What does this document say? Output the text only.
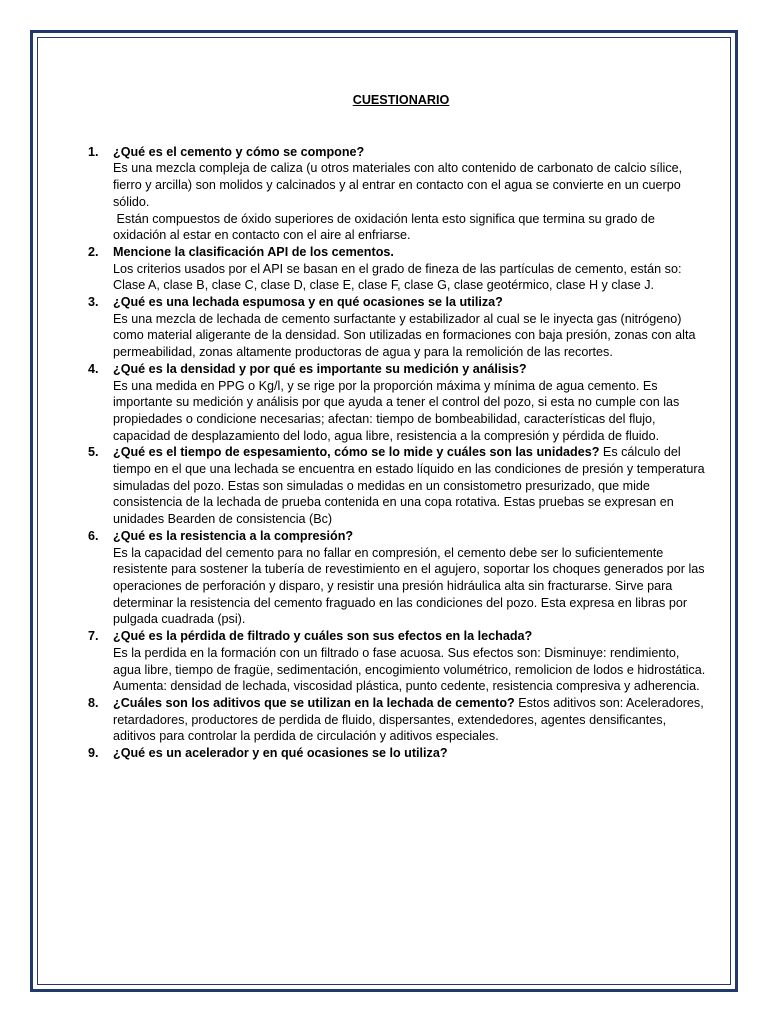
CUESTIONARIO
1.	¿Qué es el cemento y cómo se compone?

Es una mezcla compleja de caliza (u otros materiales con alto contenido de carbonato de calcio sílice, fierro y arcilla) son molidos y calcinados y al entrar en contacto con el agua se convierte en un cuerpo sólido.

Están compuestos de óxido superiores de oxidación lenta esto significa que termina su grado de oxidación al estar en contacto con el aire al enfriarse.

2.	Mencione la clasificación API de los cementos.

Los criterios usados por el API se basan en el grado de fineza de las partículas de cemento, están so:

Clase A, clase B, clase C, clase D, clase E, clase F, clase G, clase geotérmico, clase H y clase J.

3.	¿Qué es una lechada espumosa y en qué ocasiones se la utiliza?

Es una mezcla de lechada de cemento surfactante y estabilizador al cual se le inyecta gas (nitrógeno) como material aligerante de la densidad. Son utilizadas en formaciones con baja presión, zonas con alta permeabilidad, zonas altamente productoras de agua y para la remolición de las recortes.

4.	¿Qué es la densidad y por qué es importante su medición y análisis?

Es una medida en PPG o Kg/l, y se rige por la proporción máxima y mínima de agua cemento. Es importante su medición y análisis por que ayuda a tener el control del pozo, si esta no cumple con las propiedades o condicione necesarias; afectan: tiempo de bombeabilidad, características del flujo, capacidad de desplazamiento del lodo, agua libre, resistencia a la compresión y pérdida de fluido.

5.	¿Qué es el tiempo de espesamiento, cómo se lo mide y cuáles son las unidades? Es cálculo del tiempo en el que una lechada se encuentra en estado líquido en las condiciones de presión y temperatura simuladas del pozo. Estas son simuladas o medidas en un consistometro presurizado, que mide consistencia de la lechada de prueba contenida en una copa rotativa. Estas pruebas se expresan en unidades Bearden de consistencia (Bc)

6.	¿Qué es la resistencia a la compresión?

Es la capacidad del cemento para no fallar en compresión, el cemento debe ser lo suficientemente resistente para sostener la tubería de revestimiento en el agujero, soportar los choques generados por las operaciones de perforación y disparo, y resistir una presión hidráulica alta sin fracturarse. Sirve para determinar la resistencia del cemento fraguado en las condiciones del pozo. Esta expresa en libras por pulgada cuadrada (psi).

7.	¿Qué es la pérdida de filtrado y cuáles son sus efectos en la lechada?

Es la perdida en la formación con un filtrado o fase acuosa. Sus efectos son: Disminuye: rendimiento, agua libre, tiempo de fragüe, sedimentación, encogimiento volumétrico, remolicion de lodos e hidrostática.

Aumenta: densidad de lechada, viscosidad plástica, punto cedente, resistencia compresiva y adherencia.

8.	¿Cuáles son los aditivos que se utilizan en la lechada de cemento? Estos aditivos son: Aceleradores, retardadores, productores de perdida de fluido, dispersantes, extendedores, agentes densificantes, aditivos para controlar la perdida de circulación y aditivos especiales.

9.	¿Qué es un acelerador y en qué ocasiones se lo utiliza?
